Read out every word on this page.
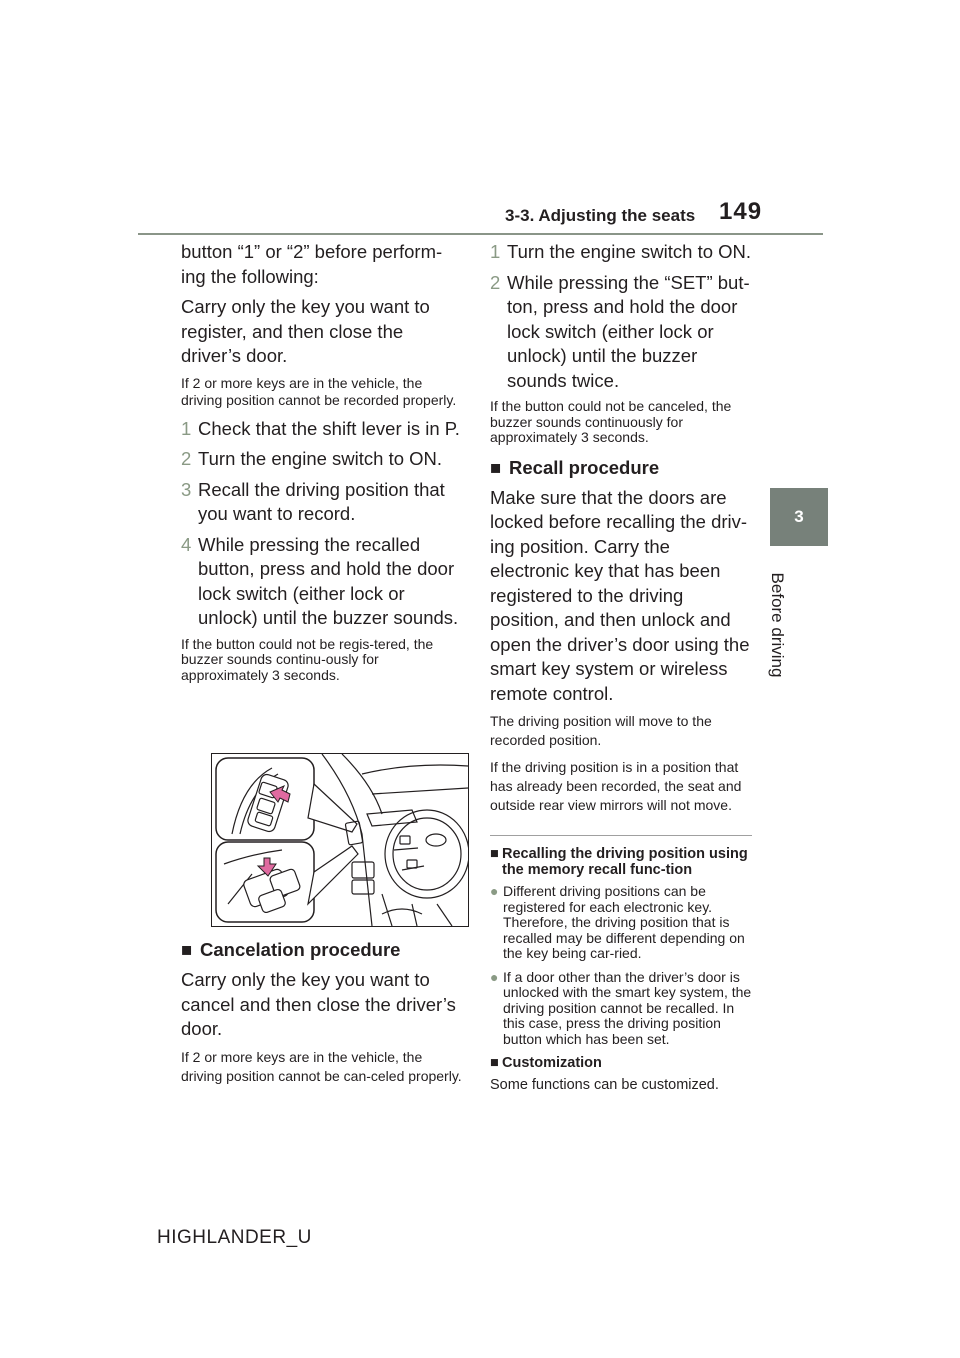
3-3. Adjusting the seats 149
3
Before driving

button “1” or “2” before perform-ing the following:

Carry only the key you want to register, and then close the driver’s door.

If 2 or more keys are in the vehicle, the driving position cannot be recorded properly.

1 Check that the shift lever is in P.
2 Turn the engine switch to ON.
3 Recall the driving position that you want to record.
4 While pressing the recalled button, press and hold the door lock switch (either lock or unlock) until the buzzer sounds.

If the button could not be regis-tered, the buzzer sounds continu-ously for approximately 3 seconds.

■ Cancelation procedure

Carry only the key you want to cancel and then close the driver’s door.

If 2 or more keys are in the vehicle, the driving position cannot be can-celed properly.

1 Turn the engine switch to ON.
2 While pressing the “SET” but-ton, press and hold the door lock switch (either lock or unlock) until the buzzer sounds twice.

If the button could not be canceled, the buzzer sounds continuously for approximately 3 seconds.

■ Recall procedure

Make sure that the doors are locked before recalling the driv-ing position. Carry the electronic key that has been registered to the driving position, and then unlock and open the driver’s door using the smart key system or wireless remote control.

The driving position will move to the recorded position.

If the driving position is in a position that has already been recorded, the seat and outside rear view mirrors will not move.

■ Recalling the driving position using the memory recall func-tion
● Different driving positions can be registered for each electronic key. Therefore, the driving position that is recalled may be different depending on the key being car-ried.
● If a door other than the driver’s door is unlocked with the smart key system, the driving position cannot be recalled. In this case, press the driving position button which has been set.
■ Customization

Some functions can be customized.

HIGHLANDER_U
